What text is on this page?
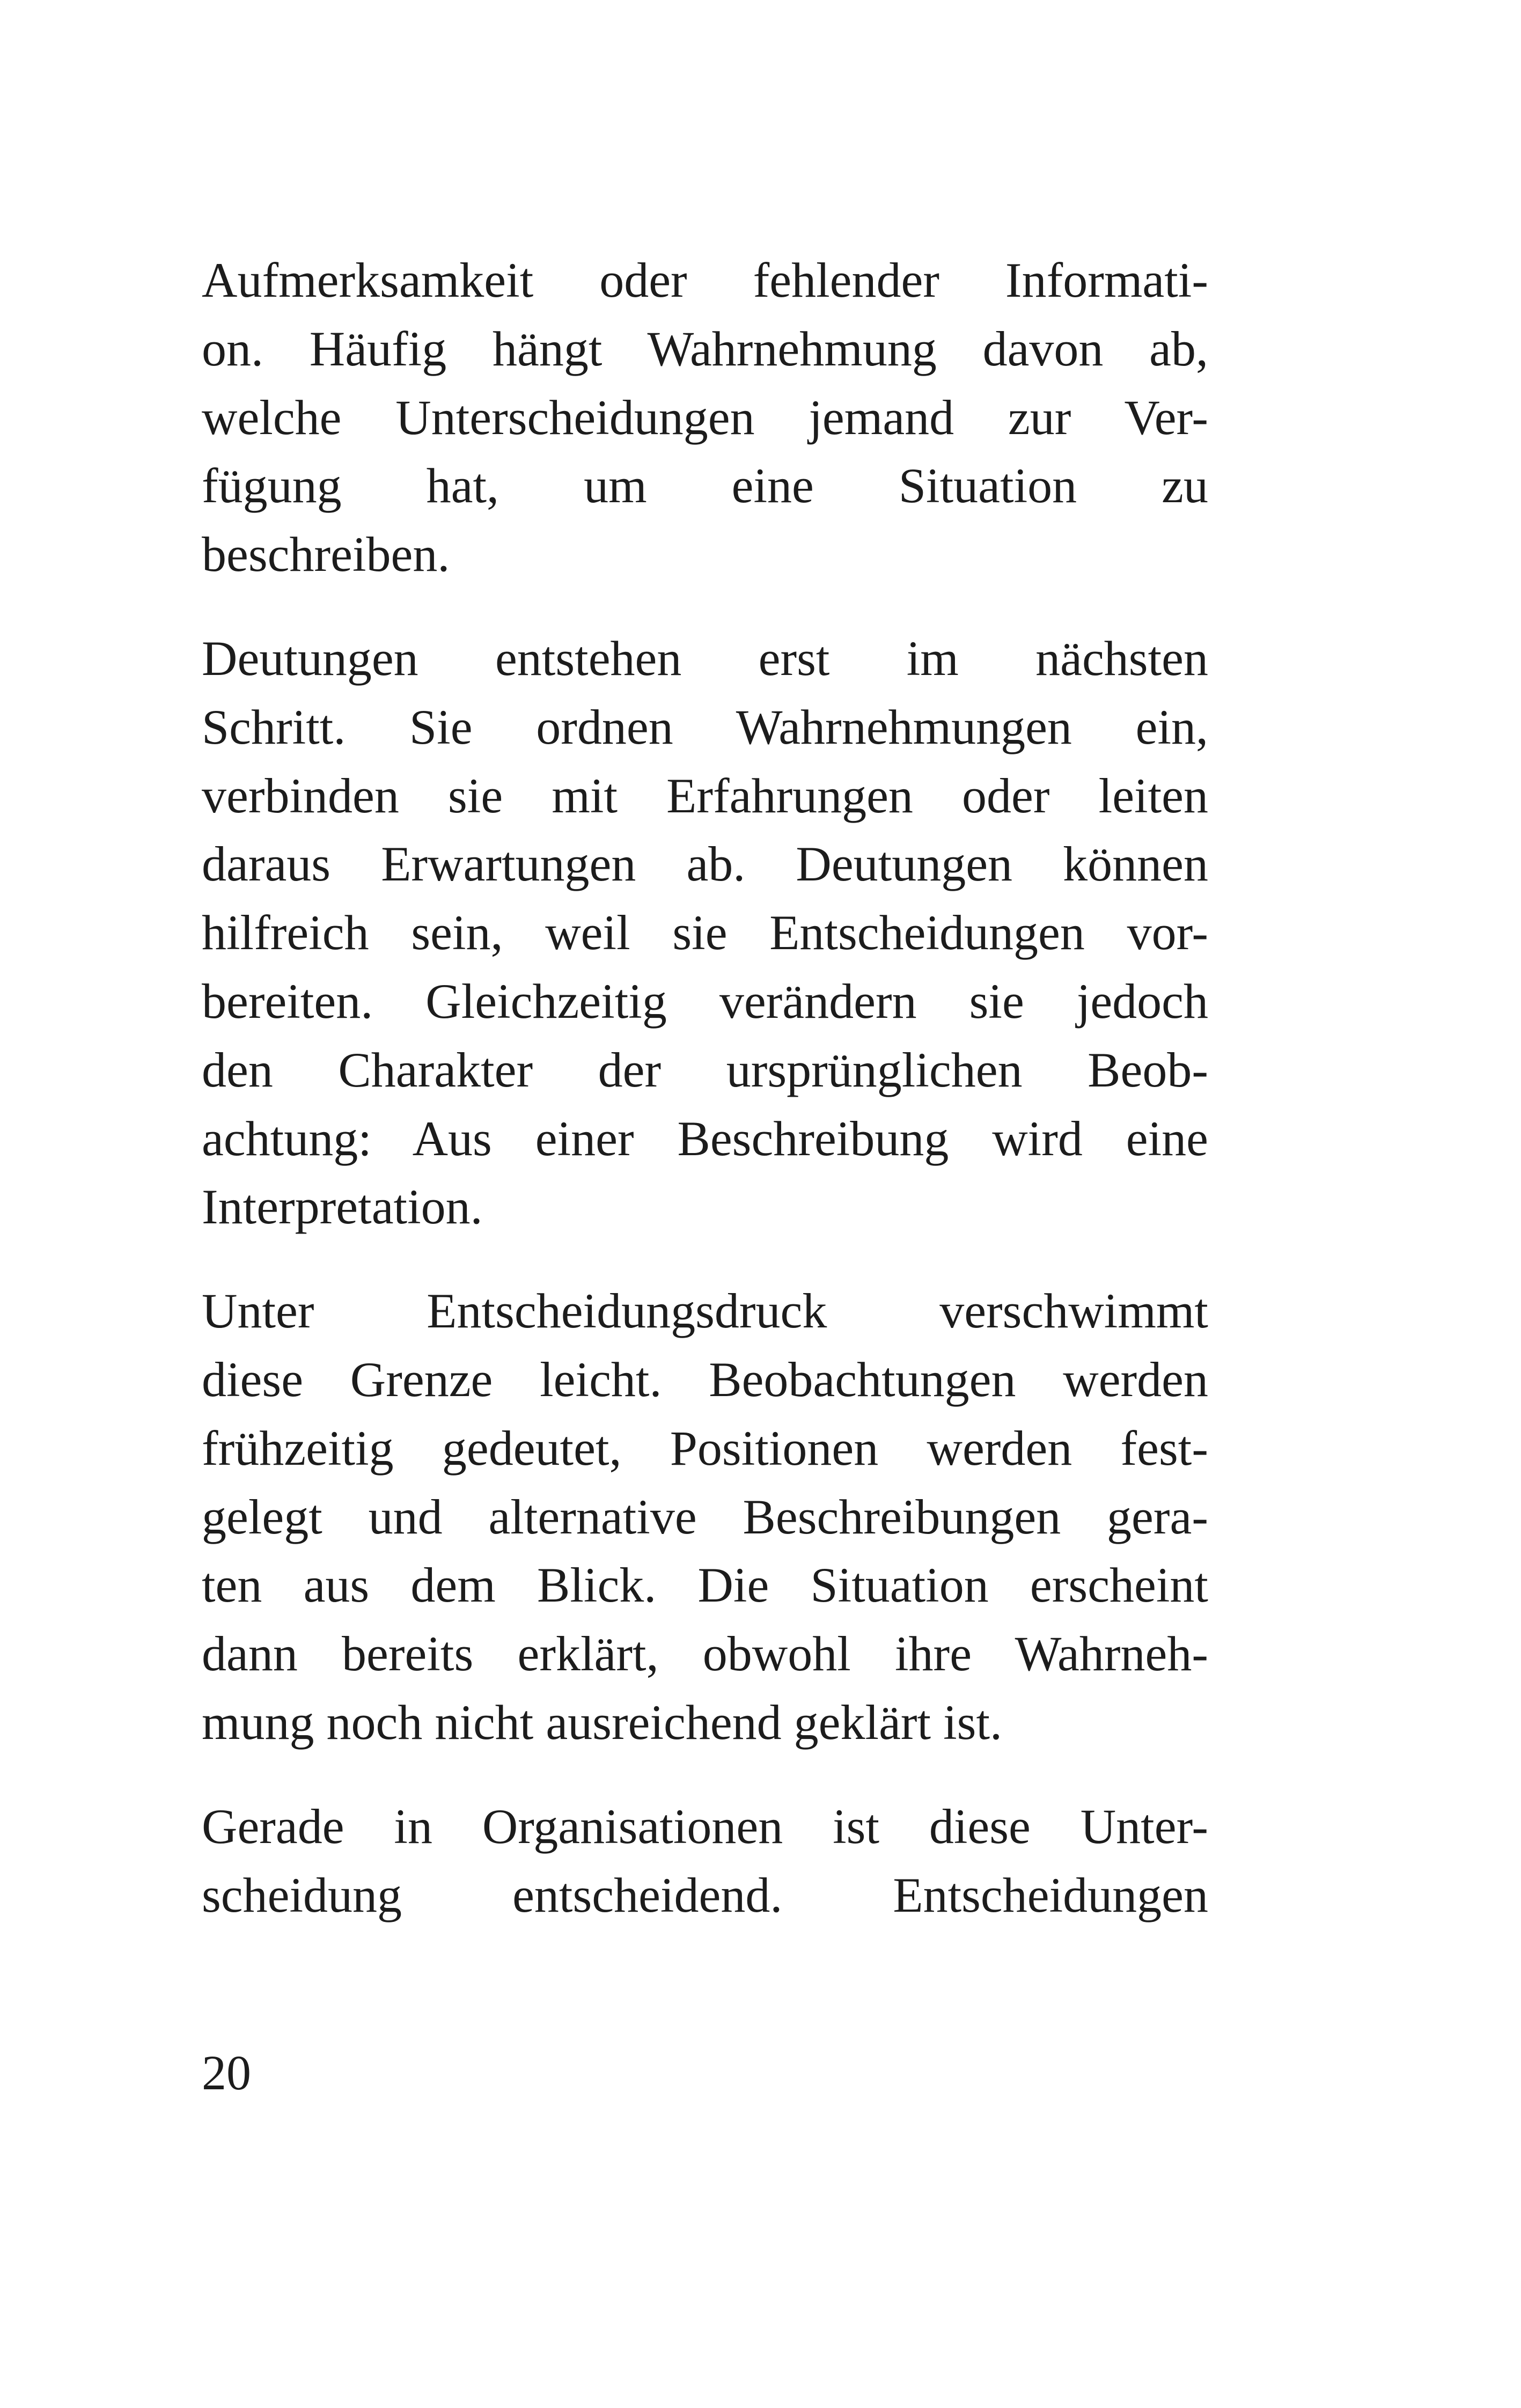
Aufmerksamkeit oder fehlender Informati-
on. Häufig hängt Wahrnehmung davon ab,
welche Unterscheidungen jemand zur Ver-
fügung hat, um eine Situation zu
beschreiben.

Deutungen entstehen erst im nächsten
Schritt. Sie ordnen Wahrnehmungen ein,
verbinden sie mit Erfahrungen oder leiten
daraus Erwartungen ab. Deutungen können
hilfreich sein, weil sie Entscheidungen vor-
bereiten. Gleichzeitig verändern sie jedoch
den Charakter der ursprünglichen Beob-
achtung: Aus einer Beschreibung wird eine
Interpretation.

Unter Entscheidungsdruck verschwimmt
diese Grenze leicht. Beobachtungen werden
frühzeitig gedeutet, Positionen werden fest-
gelegt und alternative Beschreibungen gera-
ten aus dem Blick. Die Situation erscheint
dann bereits erklärt, obwohl ihre Wahrneh-
mung noch nicht ausreichend geklärt ist.

Gerade in Organisationen ist diese Unter-
scheidung entscheidend. Entscheidungen

20
